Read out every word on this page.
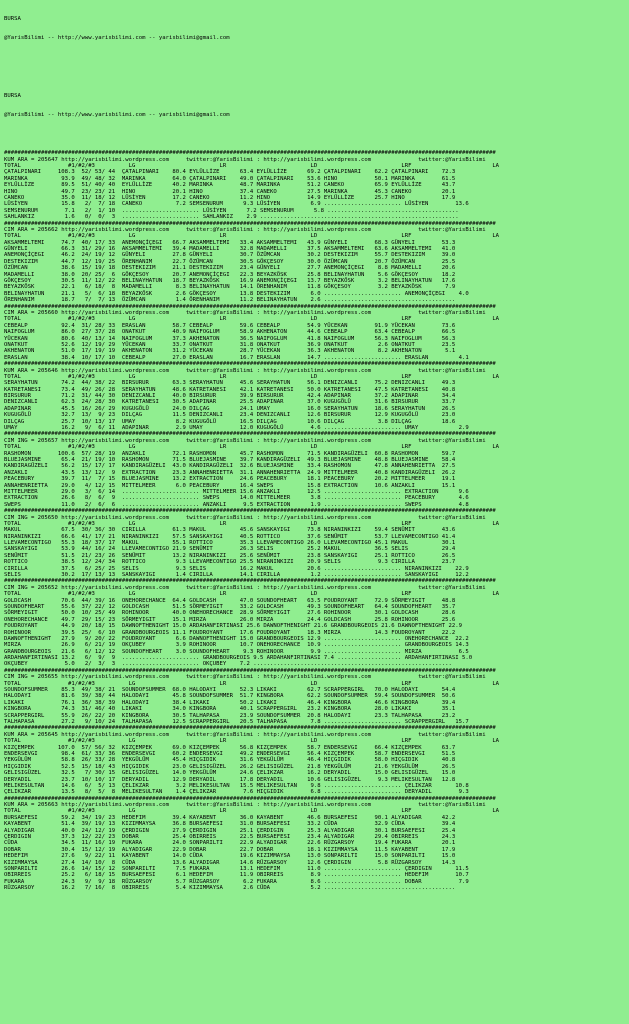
BURSA

@YarisBilimi -- http://www.yarisbilimi.com -- yarisbilimi@gmail.com

BURSA

@YarisBilimi -- http://www.yarisbilimi.com -- yarisbilimi@gmail.com

##################################################################################################################################################
KUM ARA = 205647 http://yarisbilimi.wordpress.com     twitter:@YarisBilimi : http://yarisbilimi.wordpress.com              twitter:@YarisBilimi
TOTAL              #1/#2/#3          LG                         LR                         LD                         LRF                        LA
ÇATALPINARI     108.3  52/ 53/ 44  ÇATALPINARI    80.4 EYLÜLLİZE      63.4 EYLÜLLİZE      69.2 ÇATALPINARI    62.2 ÇATALPINARI    72.3
MARINKA          93.9  49/ 48/ 32  MARINKA        64.0 ÇATALPINARI    49.0 ÇATALPINARI    53.6 HINO           50.1 MARINKA        61.5
EYLÜLLİZE        89.5  51/ 40/ 40  EYLÜLLİZE      40.2 MARINKA        48.7 MARINKA        51.2 CANEKO         65.9 EYLÜLLİZE      43.7
HINO             49.7  23/ 23/ 21  HINO           20.1 HINO           37.4 CANEKO         27.5 MARINKA        45.3 CANEKO         20.1
CANEKO           35.0  11/ 18/ 12  LÜSİYEN        17.2 CANEKO         11.2 HINO           14.9 EYLÜLLİZE      25.7 HINO           17.9
LÜSİYEN          15.8   2/  7/ 18  CANEKO          7.2 SEMSENURUM      9.3 LÜSİYEN         6.9 ....................... LÜSİYEN        13.6
SEMSENURUM        7.1   2/  1/ 10  ....................... LÜSİYEN      7.2 SEMSENURUM      5.8 .......................................
SAHLANKIZ         1.6   0/  0/  3  ....................... SAHLANKIZ    2.9 ...........................................................
##################################################################################################################################################
CIM ARA = 205662 http://yarisbilimi.wordpress.com     twitter:@YarisBilimi : http://yarisbilimi.wordpress.com              twitter:@YarisBilimi
TOTAL              #1/#2/#3          LG                         LR                         LD                         LRF                        LA
AKSAMMELTEMI     74.7  40/ 17/ 33  ANEMONÇİÇEGI   66.7 AKSAMMELTEMI   33.4 AKSAMMELTEMI   43.9 GÜNYELI        68.3 GÜNYELI        53.3
GÜNYELI          66.3  31/ 29/ 16  AKSAMMELTEMI   39.4 MADAMELLI      32.8 MADAMELLI      37.5 AKSAMMELTEMI   63.6 AKSAMMELTEMI   41.0
ANEMONÇİÇEGI     46.2  24/ 19/ 12  GÜNYELI        27.8 GÜNYELI        30.7 ÖZÜMCAN        30.2 DESTEKIZIM     55.7 DESTEKIZIM     39.0
DESTEKIZIM       44.7  12/ 19/ 25  ÖRENHANIM      22.7 ÖZÜMCAN        30.5 GÖKÇESOY       30.0 ÖZÜMCAN        20.7 ÖZÜMCAN        25.5
ÖZÜMCAN          38.6  15/ 19/ 18  DESTEKIZIM     21.1 DESTEKIZIM     23.4 GÜNYELI        27.7 ANEMONÇİÇEGI    8.8 MADAMELLI      20.6
MADAMELLI        38.0  20/ 25/  6  GÖKÇESOY       20.7 ANEMONÇİÇEGI   22.3 BEYAZKÖSK      25.8 BELINAYHATUN    5.6 GÖKÇESOY       18.2
GÖKÇESOY         30.5  11/ 12/ 22  BELINAYHATUN   18.7 BEYAZKÖSK      16.9 ANEMONÇİÇEGI   13.7 BEYAZKÖSK       3.2 BELINAYHATUN   17.6
BEYAZKÖSK        22.1   6/ 18/  8  MADAMELLI       8.3 BELINAYHATUN   14.1 ÖRENHANIM      11.8 GÖKÇESOY        3.2 BEYAZKÖSK       7.9
BELINAYHATUN     21.1   5/  6/ 18  BEYAZKÖSK       2.6 GÖKÇESOY       13.8 DESTEKIZIM      6.0 ....................... ANEMONÇİÇEGI    4.0
ÖRENHANIM        18.7   7/  7/ 13  ÖZÜMCAN         1.4 ÖRENHANIM      11.2 BELINAYHATUN    2.6 .......................................
##################################################################################################################################################
CIM ARA = 205660 http://yarisbilimi.wordpress.com     twitter:@YarisBilimi : http://yarisbilimi.wordpress.com              twitter:@YarisBilimi
TOTAL              #1/#2/#3          LG                         LR                         LD                         LRF                        LA
CEBEALP          92.4  31/ 28/ 33  ERASLAN        58.7 CEBEALP        59.6 CEBEALP        54.9 YÜCEKAN        91.9 YÜCEKAN        73.6
NAIFOGLUM        86.0  27/ 37/ 28  ONATKUT        40.9 NAIFOGLUM      58.9 AKHENATON      44.6 CEBEALP        63.4 CEBEALP        66.5
YÜCEKAN          80.6  40/ 13/ 14  NAIFOGLUM      37.3 AKHENATON      36.5 NAIFOGLUM      41.8 NAIFOGLUM      56.3 NAIFOGLUM      56.3
ONATKUT          52.6  12/ 19/ 29  YÜCEKAN        33.7 ONATKUT        31.8 ONATKUT        36.9 ONATKUT         2.6 ONATKUT        23.5
AKHENATON        51.0  17/ 19/ 19  AKHENATON      31.2 YÜCEKAN        28.7 YÜCEKAN        36.3 AKHENATON       8.2 AKHENATON       5.1
ERASLAN          38.4  10/ 17/ 10  CEBEALP        27.0 ERASLAN        16.7 ERASLAN        14.7 ....................... ERASLAN         4.1
##################################################################################################################################################
KUM ARA = 205646 http://yarisbilimi.wordpress.com     twitter:@YarisBilimi : http://yarisbilimi.wordpress.com              twitter:@YarisBilimi
TOTAL              #1/#2/#3          LG                         LR                         LD                         LRF                        LA
SERAYHATUN       74.2  44/ 38/ 22  BIRSURUR       63.3 SERAYHATUN     45.6 SERAYHATUN     56.1 DENIZCANLI     75.2 DENIZCANLI     49.3
KATRETANESI      73.4  49/ 26/ 28  SERAYHATUN     48.6 KATRETANESI    42.1 KATRETANESI    50.0 KATRETANESI    47.5 KATRETANESI    40.8
BIRSURUR         71.2  31/ 44/ 30  DENIZCANLI     40.0 BIRSURUR       39.9 BIRSURUR       42.4 ADAPINAR       37.2 ADAPINAR       34.4
DENIZCANLI       62.3  24/ 28/ 30  KATRETANESI    30.5 ADAPINAR       25.5 ADAPINAR       37.0 KUGUGÖLÜ       31.6 BIRSURUR       33.7
ADAPINAR         45.5  16/ 26/ 29  KUGUGÖLÜ       24.0 DILÇAG         24.1 UMAY           16.0 SERAYHATUN     18.6 SERAYHATUN     26.5
KUGUGÖLÜ         32.7  13/  9/ 23  DILÇAG         11.5 DENIZCANLI     23.4 DENIZCANLI     12.6 BIRSURUR       12.9 KUGUGÖLÜ       23.0
DILÇAG           25.7  10/ 13/ 17  UMAY            8.2 KUGUGÖLÜ       16.5 DILÇAG         10.6 DILÇAG          3.8 DILÇAG         18.6
UMAY             16.2   9/  6/ 11  ADAPINAR        2.9 UMAY           12.0 KUGUGÖLÜ        4.6 ....................... UMAY            2.9
##################################################################################################################################################
CIM ING = 205657 http://yarisbilimi.wordpress.com     twitter:@YarisBilimi : http://yarisbilimi.wordpress.com              twitter:@YarisBilimi
TOTAL              #1/#2/#3          LG                         LR                         LD                         LRF                        LA
RASHOMON        100.6  57/ 28/ 19  ANZAKLI        72.1 RASHOMON       45.7 RASHOMON       71.5 KANDIRAGÜZELI  60.8 RASHOMON       59.7
BLUEJASMINE      65.4  21/ 19/ 10  RASHOMON       71.5 BLUEJASMINE    39.7 KANDIRAGÜZELI  49.3 BLUEJASMINE    48.8 BLUEJASMINE    58.4
KANDIRAGÜZELI    56.2  15/ 17/ 17  KANDIRAGÜZELI  43.0 KANDIRAGÜZELI  32.6 BLUEJASMINE    33.4 RASHOMON       47.8 ANNAHENRIETTA  27.5
ANZAKLI          43.5  13/ 12/  9  EXTRACTION     23.3 ANNAHENRIETTA  31.1 ANNAHENRIETTA  24.9 MITTELMEER     40.8 KANDIRAGÜZELI  26.2
PEACEBURY        39.7  11/  7/ 15  BLUEJASMINE    13.2 EXTRACTION     24.6 PEACEBURY      18.1 PEACEBURY      20.2 MITTELMEER     19.1
ANNAHENRIETTA    29.0   4/ 12/ 15  MITTELMEER      6.0 PEACEBURY      16.4 SWEPS          15.8 EXTRACTION     10.6 ANZAKLI        15.1
MITTELMEER       29.0   3/  6/ 14  ....................... MITTELMEER 15.6 ANZAKLI        12.5 ....................... EXTRACTION      9.6
EXTRACTION       26.6   8/  6/  9  ....................... SWEPS      14.0 MITTELMEER      3.8 ....................... PEACEBURY       4.6
SWEPS            11.0   2/  6/  6  ....................... ANZAKLI     9.5 EXTRACTION      1.9 ....................... SWEPS           4.8
##################################################################################################################################################
CIM ING = 205650 http://yarisbilimi.wordpress.com     twitter:@YarisBilimi : http://yarisbilimi.wordpress.com              twitter:@YarisBilimi
TOTAL              #1/#2/#3          LG                         LR                         LD                         LRF                        LA
MAKUL            67.5  30/ 36/ 30  CIRILLA        61.3 MAKUL          45.6 SANSKAYIGI     73.8 NIRANINKIZI    59.4 SENÜMIT        43.6
NIRANINKIZI      66.6  41/ 17/ 21  NIRANINKIZI    57.5 SANSKAYIGI     40.5 ROTTICO        37.6 SENÜMIT        53.7 LLEVAMECONTIGO 41.4
LLEVAMECONTIGO   55.3  18/ 37/ 17  MAKUL          55.1 ROTTICO        35.3 LLEVAMECONTIGO 26.0 LLEVAMECONTIGO 45.1 MAKUL          30.1
SANSKAYIGI       53.9  44/ 16/ 24  LLEVAMECONTIGO 21.9 SENÜMIT        26.3 SELIS          25.2 MAKUL          36.5 SELIS          29.4
SENÜMIT          51.5  21/ 23/ 26  SENÜMIT        13.2 NIRANINKIZI    25.6 SENÜMIT        23.8 SANSKAYIGI     25.1 ROTTICO        26.5
ROTTICO          38.5  12/ 24/ 34  ROTTICO         9.3 LLEVAMECONTIGO 25.5 NIRANINKIZI    20.9 SELIS           9.3 CIRILLA        23.7
CIRILLA          37.5   6/ 25/ 25  SELIS           9.3 SELIS          16.2 MAKUL          20.6 ....................... NIRANINKIZI    22.9
SELIS            30.2  17/ 13/ 13  SANSKAYIGI      1.4 CIRILLA        14.1 CIRILLA         1.2 ....................... SANSKAYIGI     12.2
##################################################################################################################################################
CIM ING = 205652 http://yarisbilimi.wordpress.com     twitter:@YarisBilimi : http://yarisbilimi.wordpress.com              twitter:@YarisBilimi
TOTAL              #1/#2/#3          LG                         LR                         LD                         LRF                        LA
GOLDCASH         70.6  44/ 39/ 16  ONEHORECHANCE  64.4 GOLDCASH       47.0 SOUNDOFHEART   63.5 FOUDROYANT     72.9 SÖRMEYIGIT     48.8
SOUNDOFHEART     55.6  37/ 22/ 12  GOLDCASH       51.5 SÖRMEYIGIT     33.2 GOLDCASH       49.3 SOUNDOFHEART   64.4 SOUNDOFHEART   35.7
SÖRMEYIGIT       50.0  10/ 25/ 49  ROHINOOR       40.0 ONEHORECHANCE  28.9 SÖRMEYIGIT     27.6 ROHINOOR       30.1 GOLDCASH       28.6
ONEHORECHANCE    49.7  29/ 15/ 23  SÖRMEYIGIT     15.1 MIRZA          26.0 MIRZA          24.4 GOLDCASH       25.8 ROHINOOR       25.6
FOUDROYANT       44.9  20/ 18/ 15  DAWNOFTHENIGHT 15.0 ARDAHANFIRTINASI 25.6 DAWNOFTHENIGHT 21.6 GRANDBOURGEOIS 21.6 DAWNOFTHENIGHT 22.9
ROHINOOR         39.5  25/  6/ 10  GRANDBOURGEOIS 11.1 FOUDROYANT     17.6 FOUDROYANT     18.3 MIRZA          14.3 FOUDROYANT     22.2
DAWNOFTHENIGHT   27.9   9/ 20/ 22  FOUDROYANT      6.6 DAWNOFTHENIGHT 15.0 GRANDBOURGEOIS 12.9 ....................... ONEHORECHANCE  22.2
MIRZA            26.9   6/ 21/ 19  OKÇUBEY         3.9 ROHINOOR       10.7 ONEHORECHANCE  10.9 ....................... GRANDBOURGEOIS 14.3
GRANDBOURGEOIS   21.6   6/ 12/ 12  SOUNDOFHEART    3.0 SOUNDOFHEART    9.3 ROHINOOR        9.9 ....................... MIRZA           6.5
ARDAHANFIRTINASI 13.2   6/  9/  9  ....................... GRANDBOURGEOIS 9.5 ARDAHANFIRTINASI 7.4 ................... ARDAHANFIRTINASI 5.0
OKÇUBEY           5.0   2/  3/  3  ....................... OKÇUBEY    7.2 ...........................................................
##################################################################################################################################################
CIM ING = 205655 http://yarisbilimi.wordpress.com     twitter:@YarisBilimi : http://yarisbilimi.wordpress.com              twitter:@YarisBilimi
TOTAL              #1/#2/#3          LG                         LR                         LD                         LRF                        LA
SOUNDOFSUMMER    85.3  49/ 38/ 21  SOUNDOFSUMMER  68.0 HALODAYI       52.3 LIKAKI         62.7 SCRAPPERGIRL   70.0 HALODAYI       54.4
HALODAYI         81.6  39/ 38/ 44  HALODAYI       45.8 SOUNDOFSUMMER  51.7 KINGBORA       62.2 SOUNDOFSUMMER  59.4 SOUNDOFSUMMER  50.6
LIKAKI           76.1  36/ 38/ 39  HALODAYI       38.4 LIKAKI         50.2 LIKAKI         46.4 KINGBORA       46.6 KINGBORA       39.4
KINGBORA         74.3  31/ 46/ 40  LIKAKI         34.0 KINGBORA       40.1 SCRAPPERGIRL   23.2 KINGBORA       28.0 LIKAKI         35.1
SCRAPPERGIRL     55.9  26/ 22/ 20  KINGBORA       30.5 TALHAPASA      23.9 SOUNDOFSUMMER  20.8 HALODAYI       23.3 TALHAPASA      23.2
TALHAPASA        27.2   9/ 10/ 24  TALHAPASA      12.5 SCRAPPERGIRL   20.5 TALHAPASA       7.8 ....................... SCRAPPERGIRL   15.7
##################################################################################################################################################
KUM ARA = 205645 http://yarisbilimi.wordpress.com     twitter:@YarisBilimi : http://yarisbilimi.wordpress.com              twitter:@YarisBilimi
TOTAL              #1/#2/#3          LG                         LR                         LD                         LRF                        LA
KIZÇEMPEK       107.0  57/ 56/ 32  KIZÇEMPEK      69.0 KIZÇEMPEK      56.8 KIZÇEMPEK      58.7 ENDERSEVGI     66.4 KIZÇEMPEK      63.7
ENDERSEVGI       98.4  61/ 33/ 36  ENDERSEVGI     60.2 ENDERSEVGI     49.2 ENDERSEVGI     56.4 KIZÇEMPEK      58.7 ENDERSEVGI     51.5
YEKGÜLÜM         58.8  26/ 33/ 28  YEKGÜLÜM       45.4 HIÇGIDIK       31.6 YEKGÜLÜM       46.4 HIÇGIDIK       58.0 HIÇGIDIK       40.8
HIÇGIDIK         52.5  15/ 18/ 43  HIÇGIDIK       23.0 GELISIGÜZEL    26.2 GELISIGÜZEL    21.8 YEKGÜLÜM       21.6 YEKGÜLÜM       26.5
GELISIGÜZEL      32.5   7/ 30/ 15  GELISIGÜZEL    14.0 YEKGÜLÜM       24.6 ÇELIKZAR       16.2 DERYADIL       15.0 GELISIGÜZEL    15.0
DERYADIL         23.7  10/ 10/ 17  DERYADIL       12.9 DERYADIL       17.8 DERYADIL       10.6 GELISIGÜZEL     9.3 MELIKESULTAN   12.8
MELIKESULTAN     14.6   6/  5/ 13  ÇELIKZAR        3.2 MELIKESULTAN   15.5 MELIKESULTAN    9.8 ....................... ÇELIKZAR       10.8
ÇELIKZAR         13.5   8/  5/  8  MELIKESULTAN    1.4 ÇELIKZAR        7.6 HIÇGIDIK        6.8 ....................... DERYADIL        9.3
##################################################################################################################################################
KUM ARA = 205663 http://yarisbilimi.wordpress.com     twitter:@YarisBilimi : http://yarisbilimi.wordpress.com              twitter:@YarisBilimi
TOTAL              #1/#2/#3          LG                         LR                         LD                         LRF                        LA
BURSAEFESI       59.2  34/ 19/ 23  HEDEFIM        39.4 KAYABENT       36.0 KAYABENT       46.6 BURSAEFESI     90.1 ALYADIGAR      42.2
KAYABENT         51.4  39/ 19/ 13  KIZIMMAYSA     36.8 BURSAEFESI     31.0 BURSAEFESI     33.2 CÜDA           32.9 CÜDA           39.4
ALYADIGAR        40.0  24/ 12/ 19  ÇERDIGIN       27.9 ÇERDIGIN       25.1 ÇERDIGIN       25.3 ALYADIGAR      30.1 BURSAEFESI     25.4
ÇERDIGIN         37.3  12/ 22/ 23  DOBAR          25.4 OBIRREIS       22.5 BURSAEFESI     23.4 ALYADIGAR      29.4 OBIRREIS       24.3
CÜDA             34.5  11/ 16/ 19  FUKARA         24.0 SONPARILTI     22.9 ALYADIGAR      22.6 RÜZGARSOY      19.4 FUKARA         20.1
DOBAR            30.4  15/ 12/ 19  ALYADIGAR      22.9 DOBAR          22.7 DOBAR          18.1 KIZIMMAYSA     11.5 KAYABENT       17.9
HEDEFIM          27.6   9/ 22/ 11  KAYABENT       14.0 CÜDA           19.6 KIZIMMAYSA     13.0 SONPARILTI     15.0 SONPARILTI     15.0
KIZIMMAYSA       27.4  14/ 10/  8  CÜDA           13.6 ALYADIGAR      14.6 RÜZGARSOY      12.6 ÇERDIGIN        5.8 RÜZGARSOY      14.3
SONPARILTI       26.6  14/ 15/ 12  SONPARILTI      7.5 FUKARA         13.1 HEDEFIM        11.0 ....................... ÇERDIGIN       11.5
OBIRREIS         25.2   6/ 18/ 15  BURSAEFESI      6.1 HEDEFIM        11.9 OBIRREIS        8.9 ....................... HEDEFIM        10.7
FUKARA           24.3   9/  9/ 18  RÜZGARSOY       5.7 RÜZGARSOY       6.2 FUKARA          8.6 ....................... DOBAR           7.9
RÜZGARSOY        16.2   7/ 16/  8  OBIRREIS        5.4 KIZIMMAYSA      2.6 CÜDA            5.2 .......................................
